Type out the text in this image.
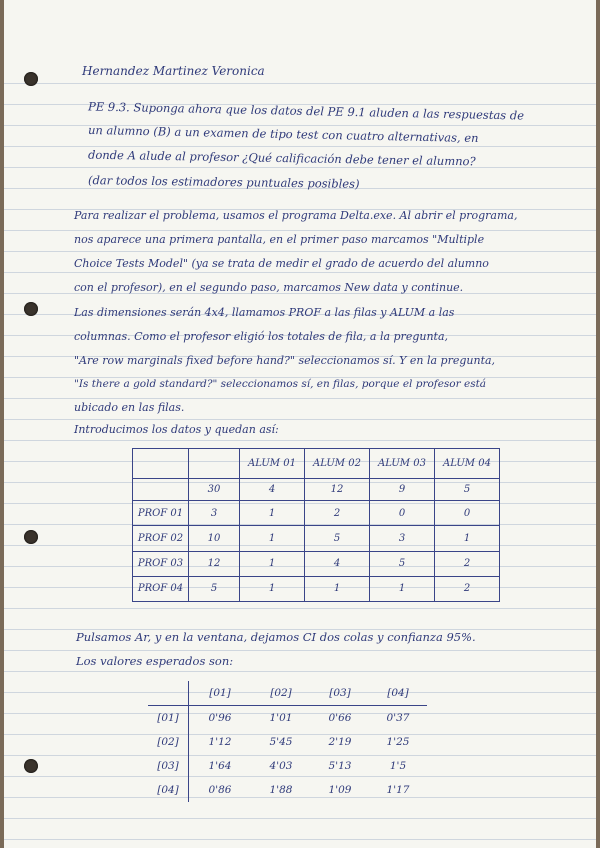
Hernandez Martinez Veronica
PE 9.3. Suponga ahora que los datos del PE 9.1 aluden a las respuestas de
un alumno (B) a un examen de tipo test con cuatro alternativas, en
donde A alude al profesor ¿Qué calificación debe tener el alumno?
(dar todos los estimadores puntuales posibles)
Para realizar el problema, usamos el programa Delta.exe. Al abrir el programa,
nos aparece una primera pantalla, en el primer paso marcamos "Multiple
Choice Tests Model" (ya se trata de medir el grado de acuerdo del alumno
con el profesor), en el segundo paso, marcamos New data y continue.
Las dimensiones serán 4x4, llamamos PROF a las filas y ALUM a las
columnas. Como el profesor eligió los totales de fila, a la pregunta,
"Are row marginals fixed before hand?" seleccionamos sí. Y en la pregunta,
"Is there a gold standard?" seleccionamos sí, en filas, porque el profesor está
ubicado en las filas.
Introducimos los datos y quedan así:
		ALUM 01	ALUM 02	ALUM 03	ALUM 04
	30	4	12	9	5
PROF 01	3	1	2	0	0
PROF 02	10	1	5	3	1
PROF 03	12	1	4	5	2
PROF 04	5	1	1	1	2
Pulsamos Ar, y en la ventana, dejamos CI dos colas y confianza 95%.
Los valores esperados son:
	[01]	[02]	[03]	[04]
[01]	0'96	1'01	0'66	0'37
[02]	1'12	5'45	2'19	1'25
[03]	1'64	4'03	5'13	1'5
[04]	0'86	1'88	1'09	1'17
